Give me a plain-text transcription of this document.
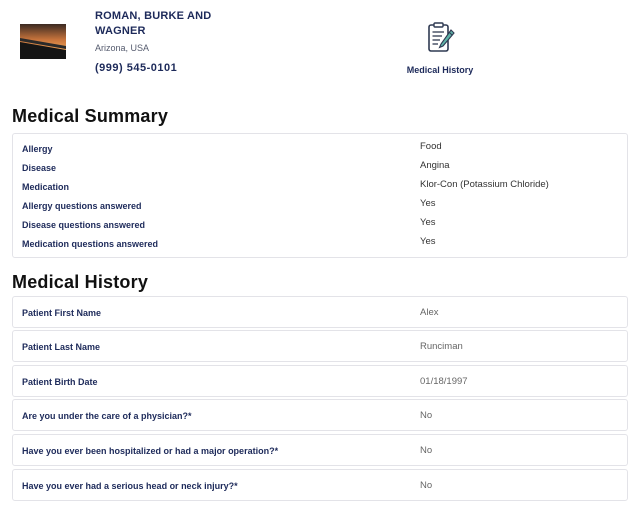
ROMAN, BURKE AND WAGNER
Arizona, USA
(999) 545-0101	Medical History
Medical Summary
Allergy	Food
Disease	Angina
Medication	Klor-Con (Potassium Chloride)
Allergy questions answered	Yes
Disease questions answered	Yes
Medication questions answered	Yes
Medical History
Patient First Name	Alex
Patient Last Name	Runciman
Patient Birth Date	01/18/1997
Are you under the care of a physician?*	No
Have you ever been hospitalized or had a major operation?*	No
Have you ever had a serious head or neck injury?*	No
